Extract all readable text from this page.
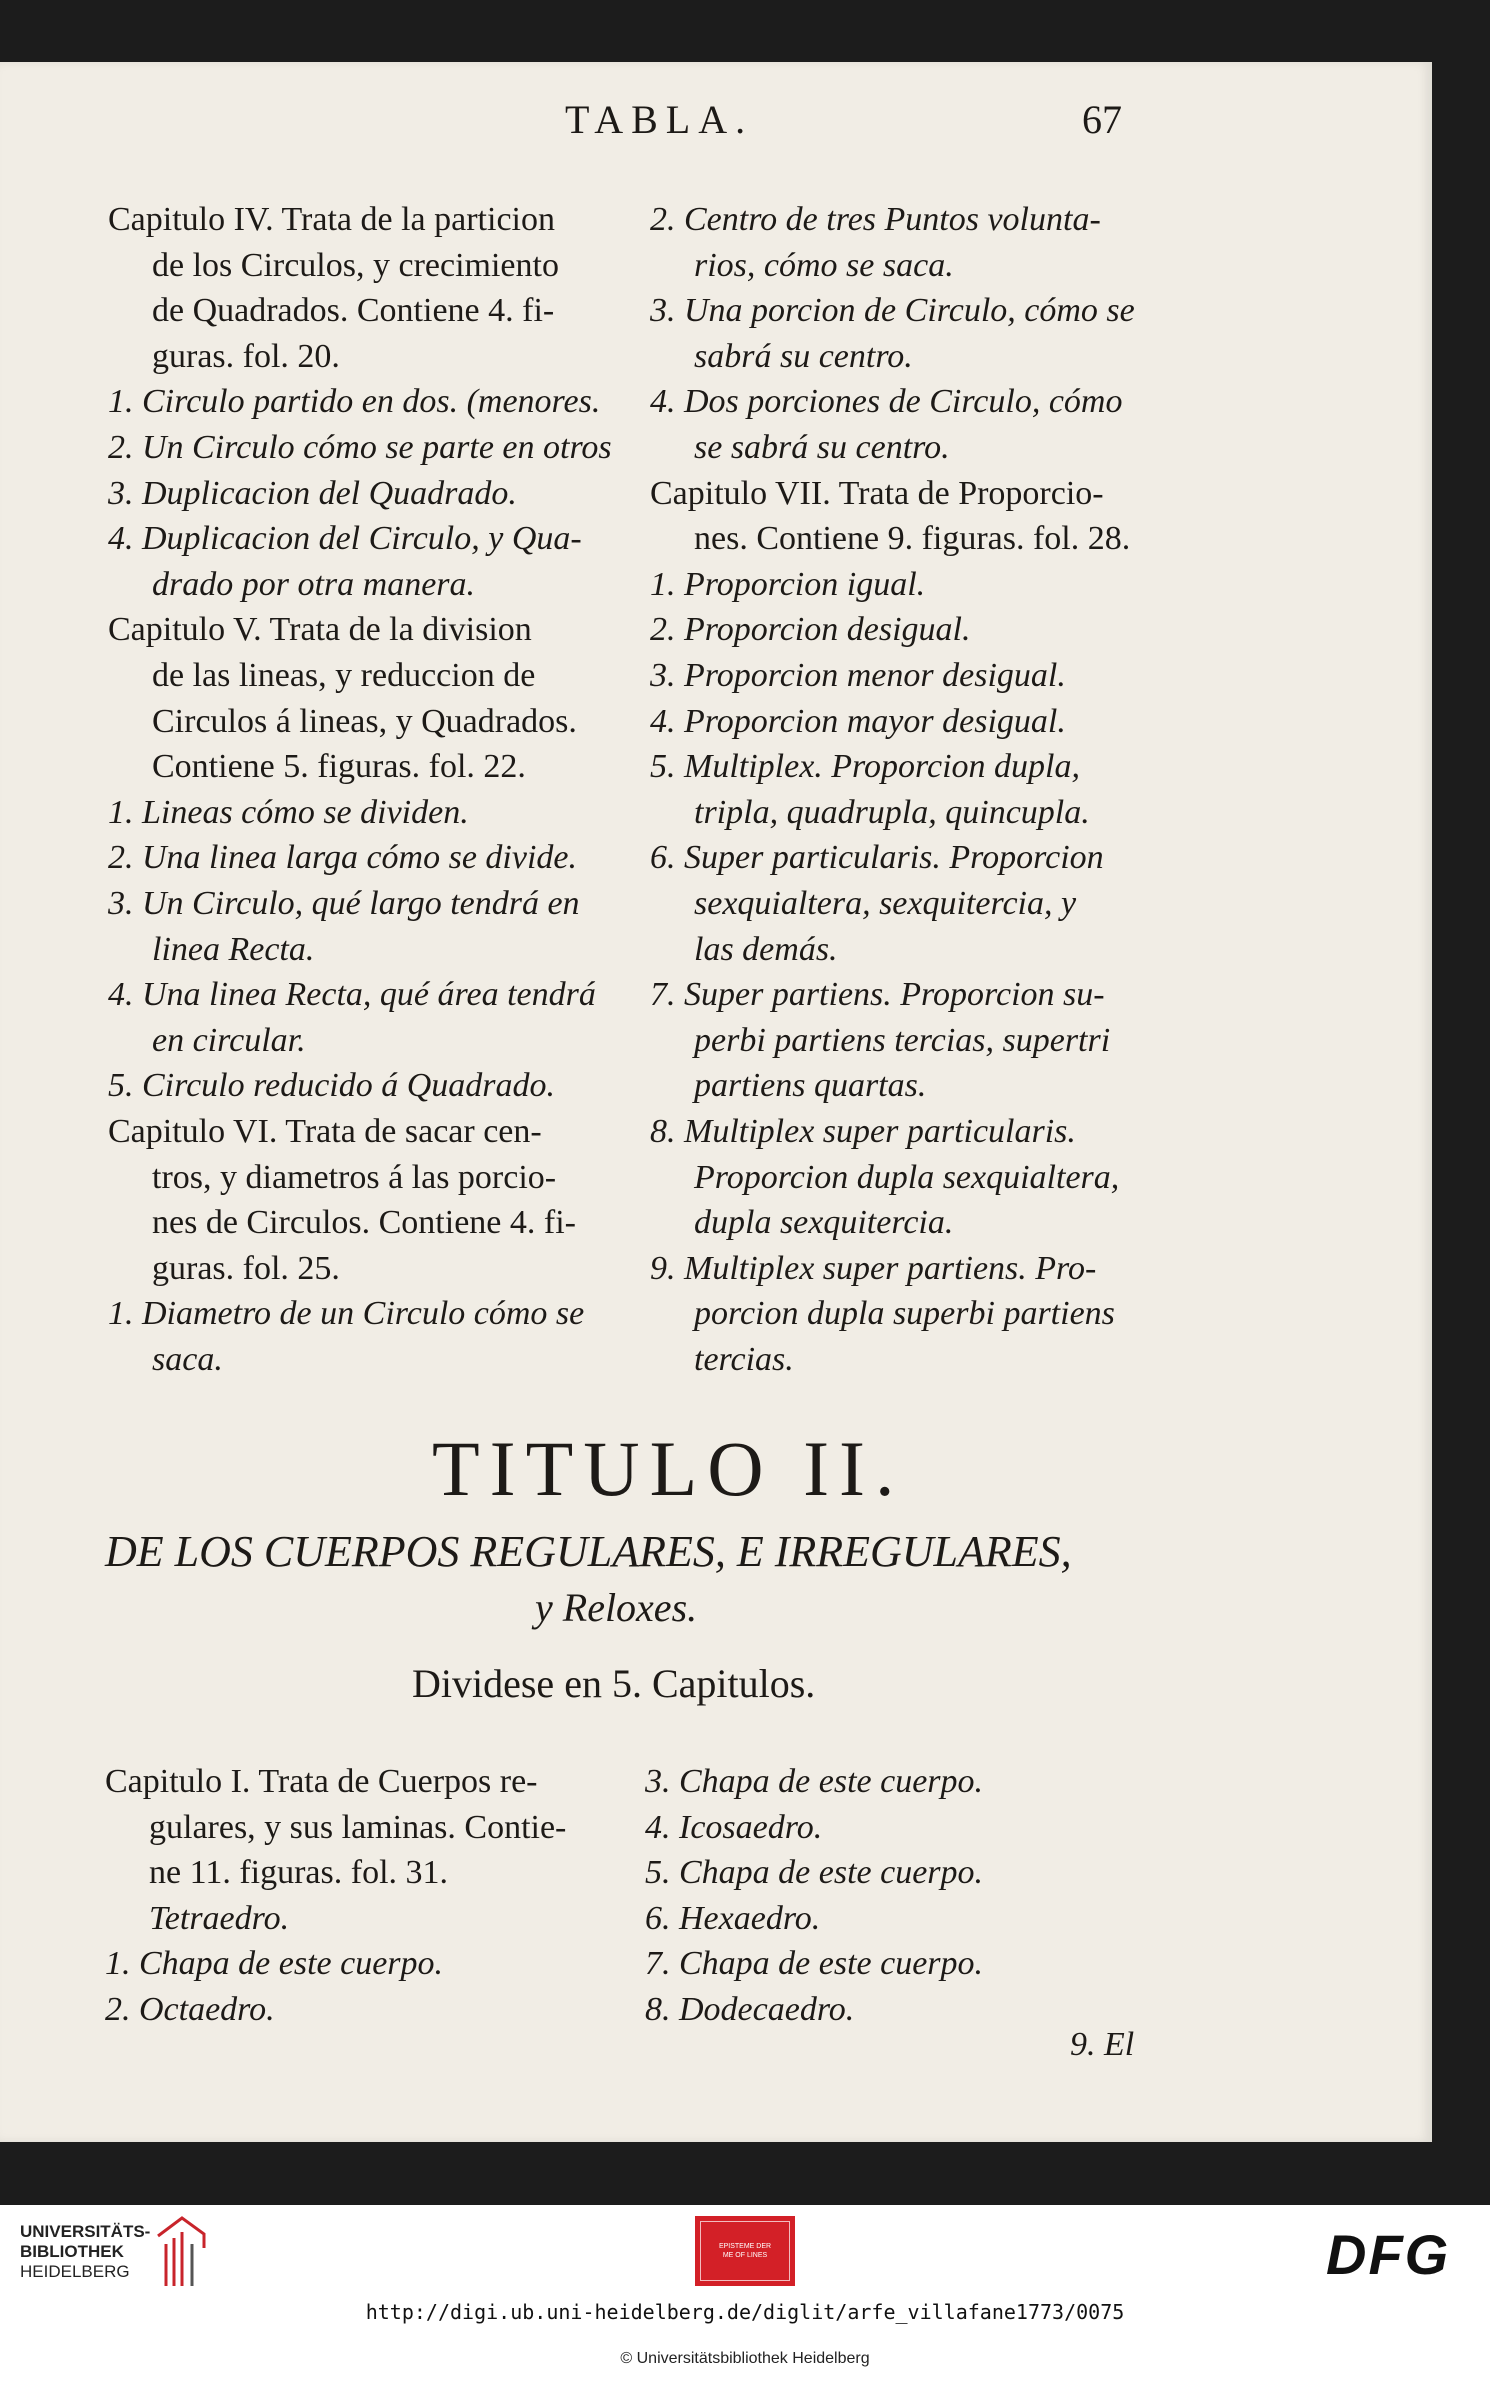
TABLA.	67
Capitulo IV. Trata de la particion
de los Circulos, y crecimiento
de Quadrados. Contiene 4. fi-
guras. fol. 20.
1. Circulo partido en dos. (menores.
2. Un Circulo cómo se parte en otros
3. Duplicacion del Quadrado.
4. Duplicacion del Circulo, y Qua-
drado por otra manera.
Capitulo V. Trata de la division
de las lineas, y reduccion de
Circulos á lineas, y Quadrados.
Contiene 5. figuras. fol. 22.
1. Lineas cómo se dividen.
2. Una linea larga cómo se divide.
3. Un Circulo, qué largo tendrá en
linea Recta.
4. Una linea Recta, qué área tendrá
en circular.
5. Circulo reducido á Quadrado.
Capitulo VI. Trata de sacar cen-
tros, y diametros á las porcio-
nes de Circulos. Contiene 4. fi-
guras. fol. 25.
1. Diametro de un Circulo cómo se
saca.
2. Centro de tres Puntos volunta-
rios, cómo se saca.
3. Una porcion de Circulo, cómo se
sabrá su centro.
4. Dos porciones de Circulo, cómo
se sabrá su centro.
Capitulo VII. Trata de Proporcio-
nes. Contiene 9. figuras. fol. 28.
1. Proporcion igual.
2. Proporcion desigual.
3. Proporcion menor desigual.
4. Proporcion mayor desigual.
5. Multiplex. Proporcion dupla,
tripla, quadrupla, quincupla.
6. Super particularis. Proporcion
sexquialtera, sexquitercia, y
las demás.
7. Super partiens. Proporcion su-
perbi partiens tercias, supertri
partiens quartas.
8. Multiplex super particularis.
Proporcion dupla sexquialtera,
dupla sexquitercia.
9. Multiplex super partiens. Pro-
porcion dupla superbi partiens
tercias.
TITULO II.
DE LOS CUERPOS REGULARES, E IRREGULARES,
y Reloxes.
Dividese en 5. Capitulos.
Capitulo I. Trata de Cuerpos re-
gulares, y sus laminas. Contie-
ne 11. figuras. fol. 31.
Tetraedro.
1. Chapa de este cuerpo.
2. Octaedro.
3. Chapa de este cuerpo.
4. Icosaedro.
5. Chapa de este cuerpo.
6. Hexaedro.
7. Chapa de este cuerpo.
8. Dodecaedro.
9. El
UNIVERSITÄTS-
BIBLIOTHEK
HEIDELBERG
EPISTEME DER
ME OF LINES	DFG
http://digi.ub.uni-heidelberg.de/diglit/arfe_villafane1773/0075
© Universitätsbibliothek Heidelberg
